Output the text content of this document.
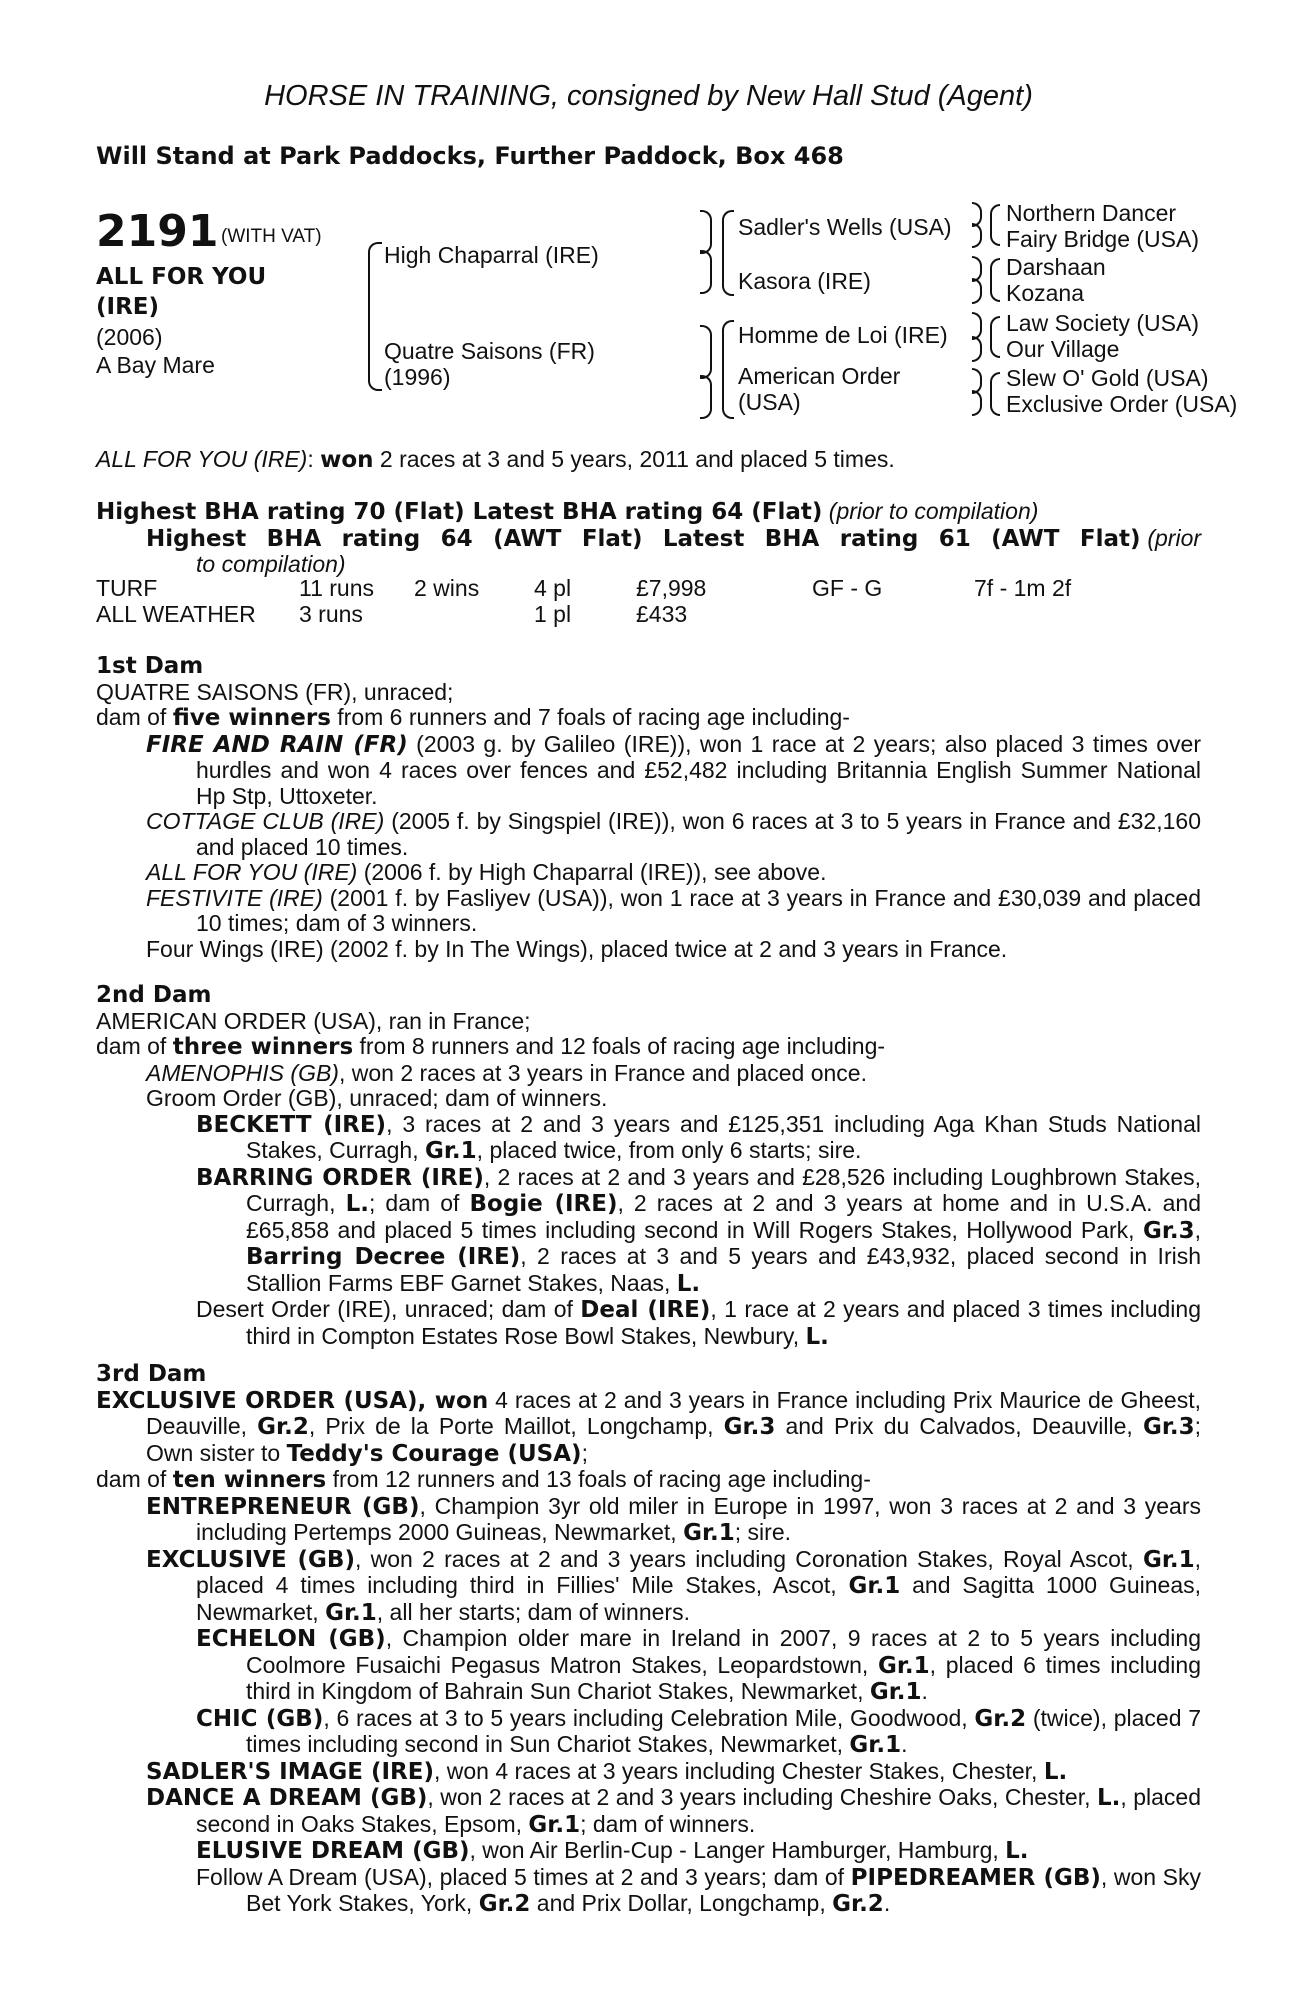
HORSE IN TRAINING, consigned by New Hall Stud (Agent)
Will Stand at Park Paddocks, Further Paddock, Box 468
2191 (WITH VAT)
ALL FOR YOU
(IRE)
(2006)
A Bay Mare
High Chaparral (IRE)
Quatre Saisons (FR)
(1996)
Sadler's Wells (USA)
Kasora (IRE)
Homme de Loi (IRE)
American Order
(USA)
Northern Dancer
Fairy Bridge (USA)
Darshaan
Kozana
Law Society (USA)
Our Village
Slew O' Gold (USA)
Exclusive Order (USA)
ALL FOR YOU (IRE): won 2 races at 3 and 5 years, 2011 and placed 5 times.
Highest BHA rating 70 (Flat) Latest BHA rating 64 (Flat) (prior to compilation)
Highest BHA rating 64 (AWT Flat) Latest BHA rating 61 (AWT Flat) (prior to compilation)
TURF	11 runs 2 wins 4 pl	£7,998	GF - G	7f - 1m 2f
ALL WEATHER 3 runs	1 pl	£433
1st Dam
QUATRE SAISONS (FR), unraced;
dam of five winners from 6 runners and 7 foals of racing age including-
FIRE AND RAIN (FR) (2003 g. by Galileo (IRE)), won 1 race at 2 years; also placed 3 times over hurdles and won 4 races over fences and £52,482 including Britannia English Summer National Hp Stp, Uttoxeter.
COTTAGE CLUB (IRE) (2005 f. by Singspiel (IRE)), won 6 races at 3 to 5 years in France and £32,160 and placed 10 times.
ALL FOR YOU (IRE) (2006 f. by High Chaparral (IRE)), see above.
FESTIVITE (IRE) (2001 f. by Fasliyev (USA)), won 1 race at 3 years in France and £30,039 and placed 10 times; dam of 3 winners.
Four Wings (IRE) (2002 f. by In The Wings), placed twice at 2 and 3 years in France.
2nd Dam
AMERICAN ORDER (USA), ran in France;
dam of three winners from 8 runners and 12 foals of racing age including-
AMENOPHIS (GB), won 2 races at 3 years in France and placed once.
Groom Order (GB), unraced; dam of winners.
BECKETT (IRE), 3 races at 2 and 3 years and £125,351 including Aga Khan Studs National Stakes, Curragh, Gr.1, placed twice, from only 6 starts; sire.
BARRING ORDER (IRE), 2 races at 2 and 3 years and £28,526 including Loughbrown Stakes, Curragh, L.; dam of Bogie (IRE), 2 races at 2 and 3 years at home and in U.S.A. and £65,858 and placed 5 times including second in Will Rogers Stakes, Hollywood Park, Gr.3, Barring Decree (IRE), 2 races at 3 and 5 years and £43,932, placed second in Irish Stallion Farms EBF Garnet Stakes, Naas, L.
Desert Order (IRE), unraced; dam of Deal (IRE), 1 race at 2 years and placed 3 times including third in Compton Estates Rose Bowl Stakes, Newbury, L.
3rd Dam
EXCLUSIVE ORDER (USA), won 4 races at 2 and 3 years in France including Prix Maurice de Gheest, Deauville, Gr.2, Prix de la Porte Maillot, Longchamp, Gr.3 and Prix du Calvados, Deauville, Gr.3; Own sister to Teddy's Courage (USA);
dam of ten winners from 12 runners and 13 foals of racing age including-
ENTREPRENEUR (GB), Champion 3yr old miler in Europe in 1997, won 3 races at 2 and 3 years including Pertemps 2000 Guineas, Newmarket, Gr.1; sire.
EXCLUSIVE (GB), won 2 races at 2 and 3 years including Coronation Stakes, Royal Ascot, Gr.1, placed 4 times including third in Fillies' Mile Stakes, Ascot, Gr.1 and Sagitta 1000 Guineas, Newmarket, Gr.1, all her starts; dam of winners.
ECHELON (GB), Champion older mare in Ireland in 2007, 9 races at 2 to 5 years including Coolmore Fusaichi Pegasus Matron Stakes, Leopardstown, Gr.1, placed 6 times including third in Kingdom of Bahrain Sun Chariot Stakes, Newmarket, Gr.1.
CHIC (GB), 6 races at 3 to 5 years including Celebration Mile, Goodwood, Gr.2 (twice), placed 7 times including second in Sun Chariot Stakes, Newmarket, Gr.1.
SADLER'S IMAGE (IRE), won 4 races at 3 years including Chester Stakes, Chester, L.
DANCE A DREAM (GB), won 2 races at 2 and 3 years including Cheshire Oaks, Chester, L., placed second in Oaks Stakes, Epsom, Gr.1; dam of winners.
ELUSIVE DREAM (GB), won Air Berlin-Cup - Langer Hamburger, Hamburg, L.
Follow A Dream (USA), placed 5 times at 2 and 3 years; dam of PIPEDREAMER (GB), won Sky Bet York Stakes, York, Gr.2 and Prix Dollar, Longchamp, Gr.2.
